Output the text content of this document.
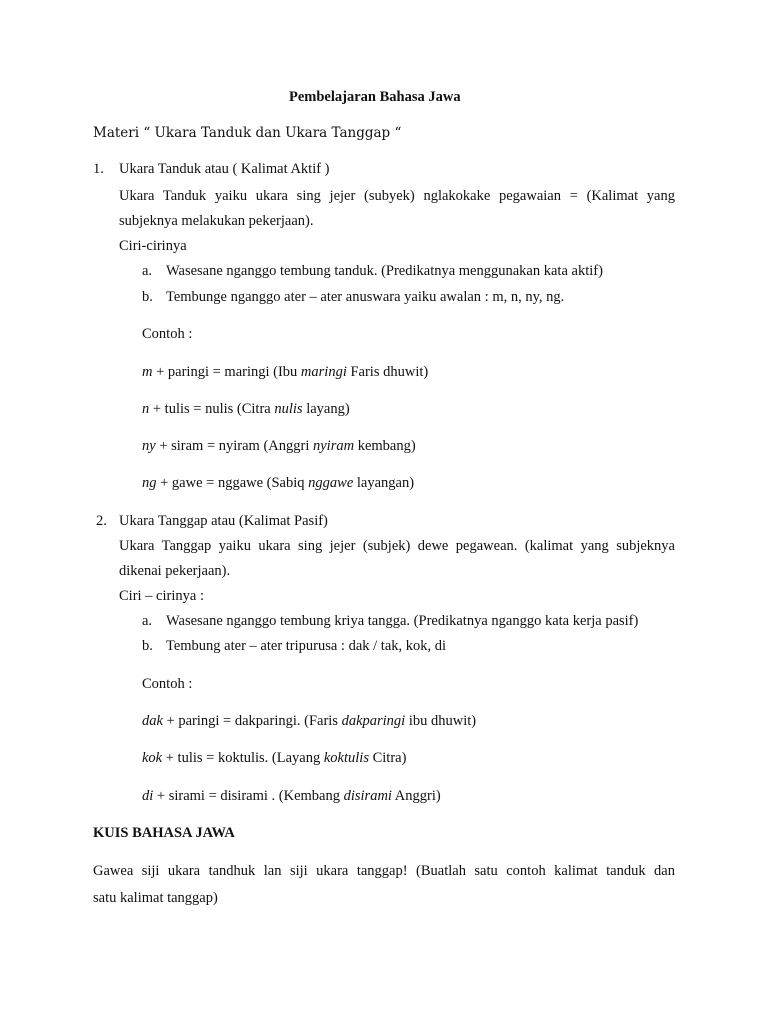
Pembelajaran Bahasa Jawa
Materi “ Ukara Tanduk dan Ukara Tanggap “
1. Ukara Tanduk atau ( Kalimat Aktif )
Ukara Tanduk yaiku ukara sing jejer (subyek) nglakokake pegawaian = (Kalimat yang
subjeknya melakukan pekerjaan).
Ciri-cirinya
a. Wasesane nganggo tembung tanduk. (Predikatnya menggunakan kata aktif)
b. Tembunge nganggo ater – ater anuswara yaiku awalan : m, n, ny, ng.
Contoh :
m + paringi = maringi (Ibu maringi Faris dhuwit)
n + tulis = nulis (Citra nulis layang)
ny + siram = nyiram (Anggri nyiram kembang)
ng + gawe = nggawe (Sabiq nggawe layangan)
2. Ukara Tanggap atau (Kalimat Pasif)
Ukara Tanggap yaiku ukara sing jejer (subjek) dewe pegawean. (kalimat yang subjeknya
dikenai pekerjaan).
Ciri – cirinya :
a. Wasesane nganggo tembung kriya tangga. (Predikatnya nganggo kata kerja pasif)
b. Tembung ater – ater tripurusa : dak / tak, kok, di
Contoh :
dak + paringi = dakparingi. (Faris dakparingi ibu dhuwit)
kok + tulis = koktulis. (Layang koktulis Citra)
di + sirami = disirami . (Kembang disirami Anggri)
KUIS BAHASA JAWA
Gawea siji ukara tandhuk lan siji ukara tanggap! (Buatlah satu contoh kalimat tanduk dan
satu kalimat tanggap)
